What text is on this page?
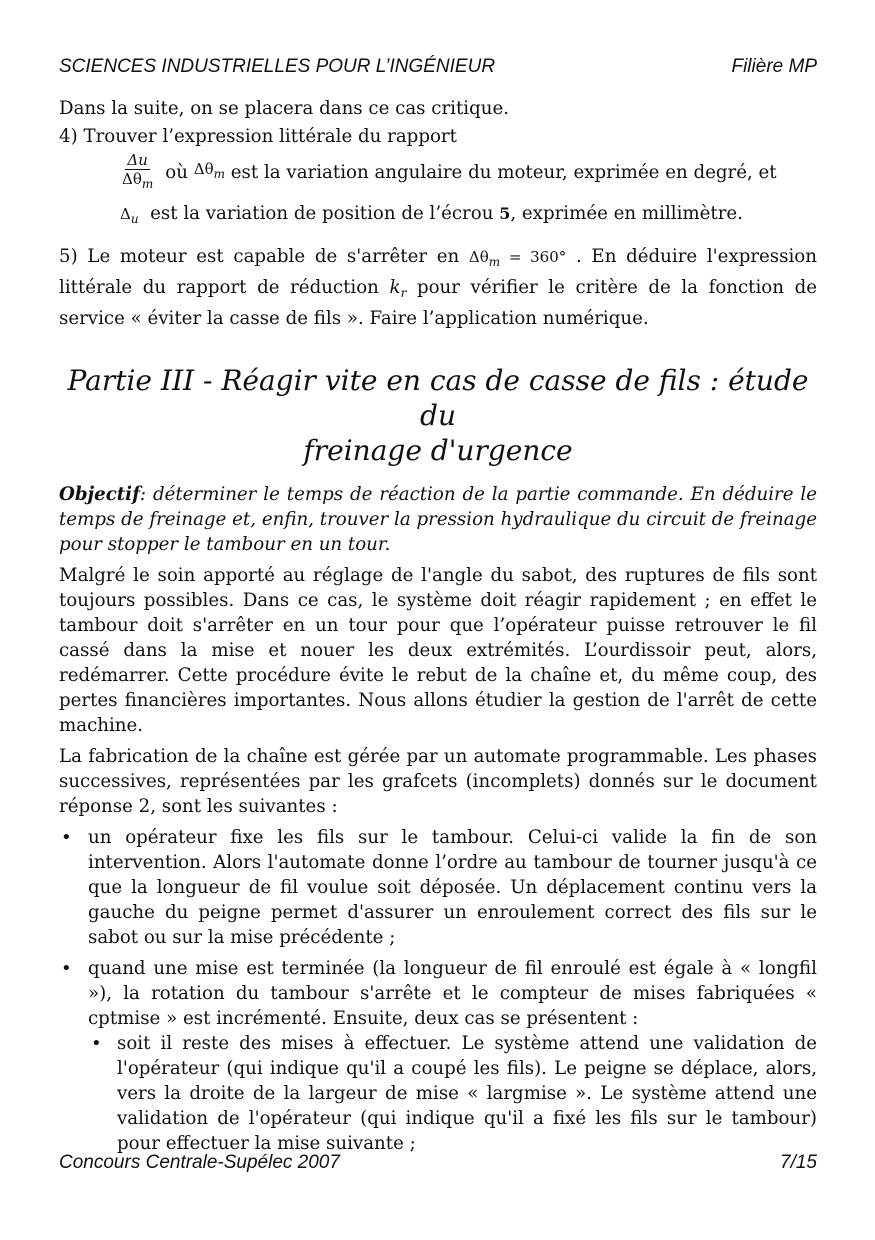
SCIENCES INDUSTRIELLES POUR L’INGÉNIEUR	Filière MP

Dans la suite, on se placera dans ce cas critique.

4) Trouver l’expression littérale du rapport

$\frac{\Delta u}{\Delta\theta_m}$ où
$\Delta\theta_m$
est la variation angulaire du moteur, exprimée en degré, et

$\Delta_u$ est la variation de position de l’écrou 5, exprimée en millimètre.

5) Le moteur est capable de s'arrêter en $\Delta\theta_m = 360^\circ$ . En déduire l'expression littérale du rapport de réduction $k_r$ pour vérifier le critère de la fonction de service « éviter la casse de fils ». Faire l’application numérique.

Partie III - Réagir vite en cas de casse de fils : étude du
freinage d'urgence

Objectif: déterminer le temps de réaction de la partie commande. En déduire le temps de freinage et, enfin, trouver la pression hydraulique du circuit de freinage pour stopper le tambour en un tour.

Malgré le soin apporté au réglage de l'angle du sabot, des ruptures de fils sont toujours possibles. Dans ce cas, le système doit réagir rapidement ; en effet le tambour doit s'arrêter en un tour pour que l’opérateur puisse retrouver le fil cassé dans la mise et nouer les deux extrémités. L’ourdissoir peut, alors, redémarrer. Cette procédure évite le rebut de la chaîne et, du même coup, des pertes financières importantes. Nous allons étudier la gestion de l'arrêt de cette machine.

La fabrication de la chaîne est gérée par un automate programmable. Les phases successives, représentées par les grafcets (incomplets) donnés sur le document réponse 2, sont les suivantes :

• un opérateur fixe les fils sur le tambour. Celui-ci valide la fin de son intervention. Alors l'automate donne l’ordre au tambour de tourner jusqu'à ce que la longueur de fil voulue soit déposée. Un déplacement continu vers la gauche du peigne permet d'assurer un enroulement correct des fils sur le sabot ou sur la mise précédente ;
• quand une mise est terminée (la longueur de fil enroulé est égale à « longfil »), la rotation du tambour s'arrête et le compteur de mises fabriquées « cptmise » est incrémenté. Ensuite, deux cas se présentent :
• soit il reste des mises à effectuer. Le système attend une validation de l'opérateur (qui indique qu'il a coupé les fils). Le peigne se déplace, alors, vers la droite de la largeur de mise « largmise ». Le système attend une validation de l'opérateur (qui indique qu'il a fixé les fils sur le tambour) pour effectuer la mise suivante ;
Concours Centrale-Supélec 2007	7/15
